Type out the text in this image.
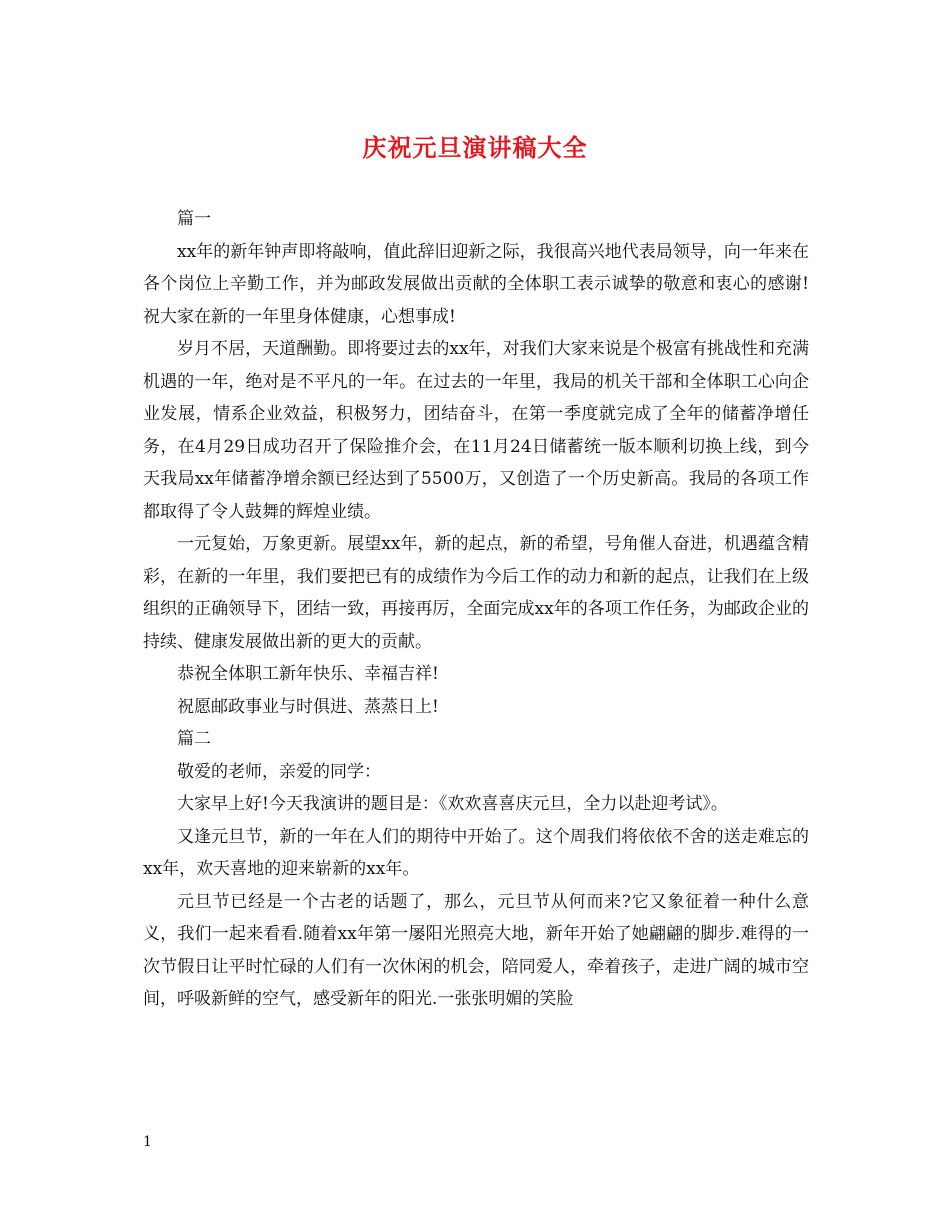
庆祝元旦演讲稿大全

篇一

xx年的新年钟声即将敲响，值此辞旧迎新之际，我很高兴地代表局领导，向一年来在各个岗位上辛勤工作，并为邮政发展做出贡献的全体职工表示诚挚的敬意和衷心的感谢!祝大家在新的一年里身体健康，心想事成!

岁月不居，天道酬勤。即将要过去的xx年，对我们大家来说是个极富有挑战性和充满机遇的一年，绝对是不平凡的一年。在过去的一年里，我局的机关干部和全体职工心向企业发展，情系企业效益，积极努力，团结奋斗，在第一季度就完成了全年的储蓄净增任务，在4月29日成功召开了保险推介会，在11月24日储蓄统一版本顺利切换上线，到今天我局xx年储蓄净增余额已经达到了5500万，又创造了一个历史新高。我局的各项工作都取得了令人鼓舞的辉煌业绩。

一元复始，万象更新。展望xx年，新的起点，新的希望，号角催人奋进，机遇蕴含精彩，在新的一年里，我们要把已有的成绩作为今后工作的动力和新的起点，让我们在上级组织的正确领导下，团结一致，再接再厉，全面完成xx年的各项工作任务，为邮政企业的持续、健康发展做出新的更大的贡献。

恭祝全体职工新年快乐、幸福吉祥!

祝愿邮政事业与时俱进、蒸蒸日上!

篇二

敬爱的老师，亲爱的同学：

大家早上好!今天我演讲的题目是：《欢欢喜喜庆元旦，全力以赴迎考试》。

又逢元旦节，新的一年在人们的期待中开始了。这个周我们将依依不舍的送走难忘的xx年，欢天喜地的迎来崭新的xx年。

元旦节已经是一个古老的话题了，那么，元旦节从何而来?它又象征着一种什么意义，我们一起来看看.随着xx年第一屡阳光照亮大地，新年开始了她翩翩的脚步.难得的一次节假日让平时忙碌的人们有一次休闲的机会，陪同爱人，牵着孩子，走进广阔的城市空间，呼吸新鲜的空气，感受新年的阳光.一张张明媚的笑脸

1
